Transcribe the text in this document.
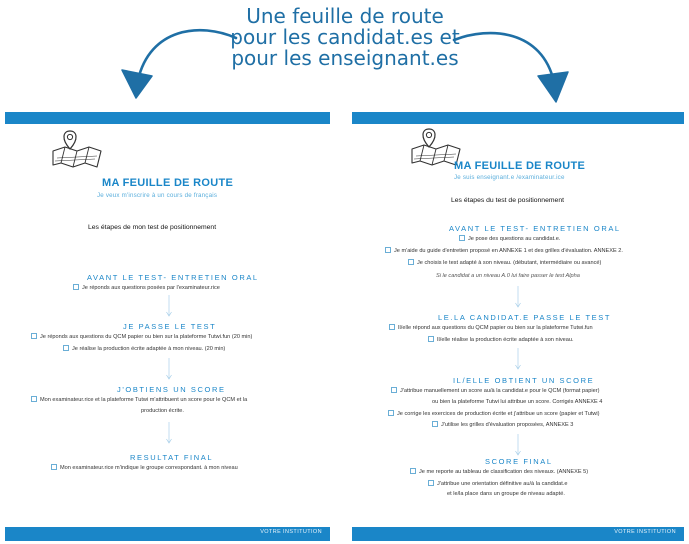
Une feuille de route
pour les candidat.es et
pour les enseignant.es
MA FEUILLE DE ROUTE
Je veux m'inscrire à un cours de français
Les étapes de mon test de positionnement
AVANT LE TEST- ENTRETIEN ORAL
Je réponds aux questions posées par l'examinateur.rice
JE PASSE LE TEST
Je réponds aux questions du QCM papier ou bien sur la plateforme Tutwi.fun (20 min)
Je réalise la production écrite adaptée à mon niveau. (20 min)
J'OBTIENS UN SCORE
Mon examinateur.rice et la plateforme Tutwi m'attribuent un score pour le QCM et la
production écrite.
RESULTAT FINAL
Mon examinateur.rice m'indique le groupe correspondant. à mon niveau
VOTRE INSTITUTION
MA FEUILLE DE ROUTE
Je suis enseignant.e /examinateur.ice
Les étapes du test de positionnement
AVANT LE TEST- ENTRETIEN ORAL
Je pose des questions au candidat.e.
Je m'aide du guide d'entretien proposé en ANNEXE 1 et des grilles d'évaluation. ANNEXE 2.
Je choisis le test adapté à son niveau. (débutant, intermédiaire ou avancé)
Si le candidat a un niveau A.0 lui faire passer le test Alpha
LE.LA CANDIDAT.E PASSE LE TEST
Il/elle répond aux questions du QCM papier ou bien sur la plateforme Tutwi.fun
Il/elle réalise la production écrite adaptée à son niveau.
IL/ELLE OBTIENT UN SCORE
J'attribue manuellement un score au/à la candidat.e pour le QCM (format papier)
ou bien la plateforme Tutwi lui attribue un score. Corrigés ANNEXE 4
Je corrige les exercices de production écrite et j'attribue un score (papier et Tutwi)
J'utilise les grilles d'évaluation proposées, ANNEXE 3
SCORE FINAL
Je me reporte au tableau de classification des niveaux. (ANNEXE 5)
J'attribue une orientation définitive au/à la candidat.e
et le/la place dans un groupe de niveau adapté.
VOTRE INSTITUTION
